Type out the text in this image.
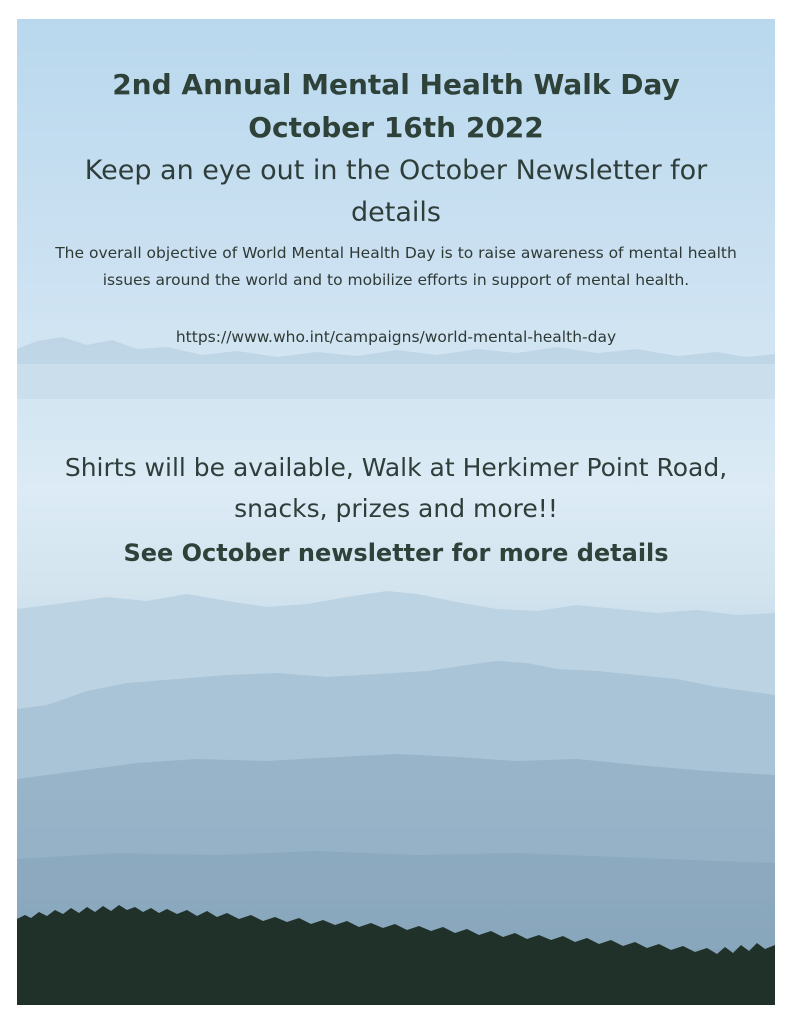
2nd Annual Mental Health Walk Day
October 16th 2022
Keep an eye out in the October Newsletter for details
The overall objective of World Mental Health Day is to raise awareness of mental health issues around the world and to mobilize efforts in support of mental health.
https://www.who.int/campaigns/world-mental-health-day
Shirts will be available, Walk at Herkimer Point Road, snacks, prizes and more!!
See October newsletter for more details
